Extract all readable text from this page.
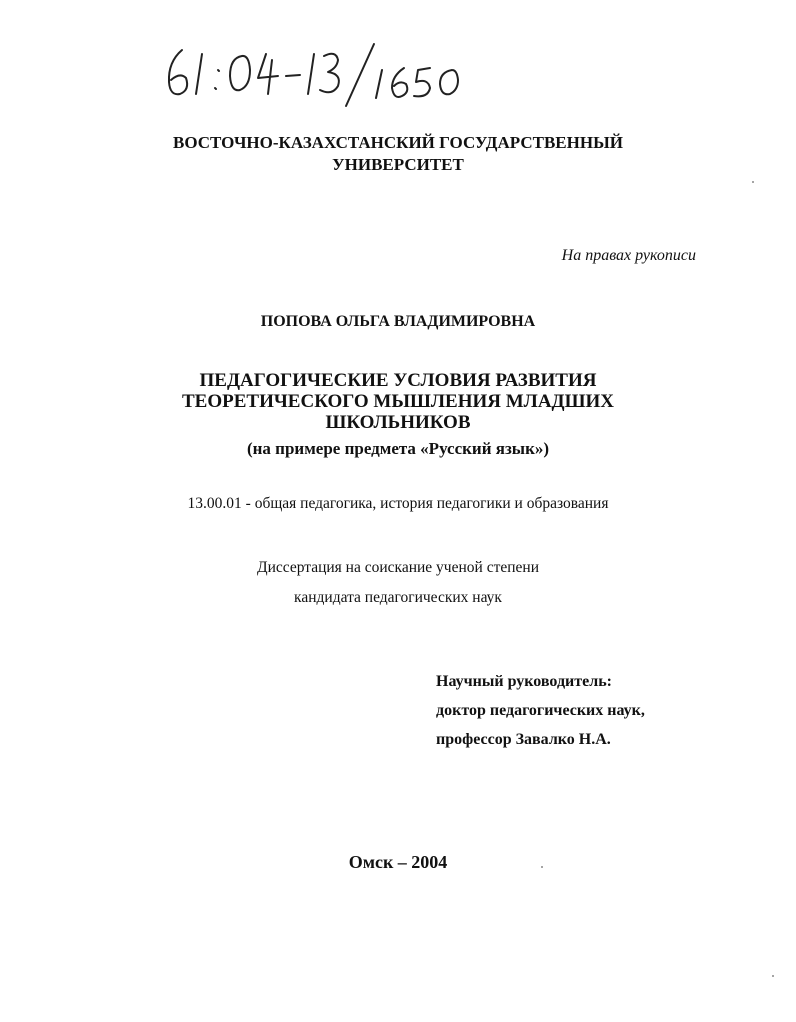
ВОСТОЧНО-КАЗАХСТАНСКИЙ ГОСУДАРСТВЕННЫЙ
УНИВЕРСИТЕТ
На правах рукописи
ПОПОВА ОЛЬГА ВЛАДИМИРОВНА
ПЕДАГОГИЧЕСКИЕ УСЛОВИЯ РАЗВИТИЯ
ТЕОРЕТИЧЕСКОГО МЫШЛЕНИЯ МЛАДШИХ
ШКОЛЬНИКОВ
(на примере предмета «Русский язык»)
13.00.01 - общая педагогика, история педагогики и образования
Диссертация на соискание ученой степени
кандидата педагогических наук
Научный руководитель:
доктор педагогических наук,
профессор Завалко Н.А.
Омск – 2004
